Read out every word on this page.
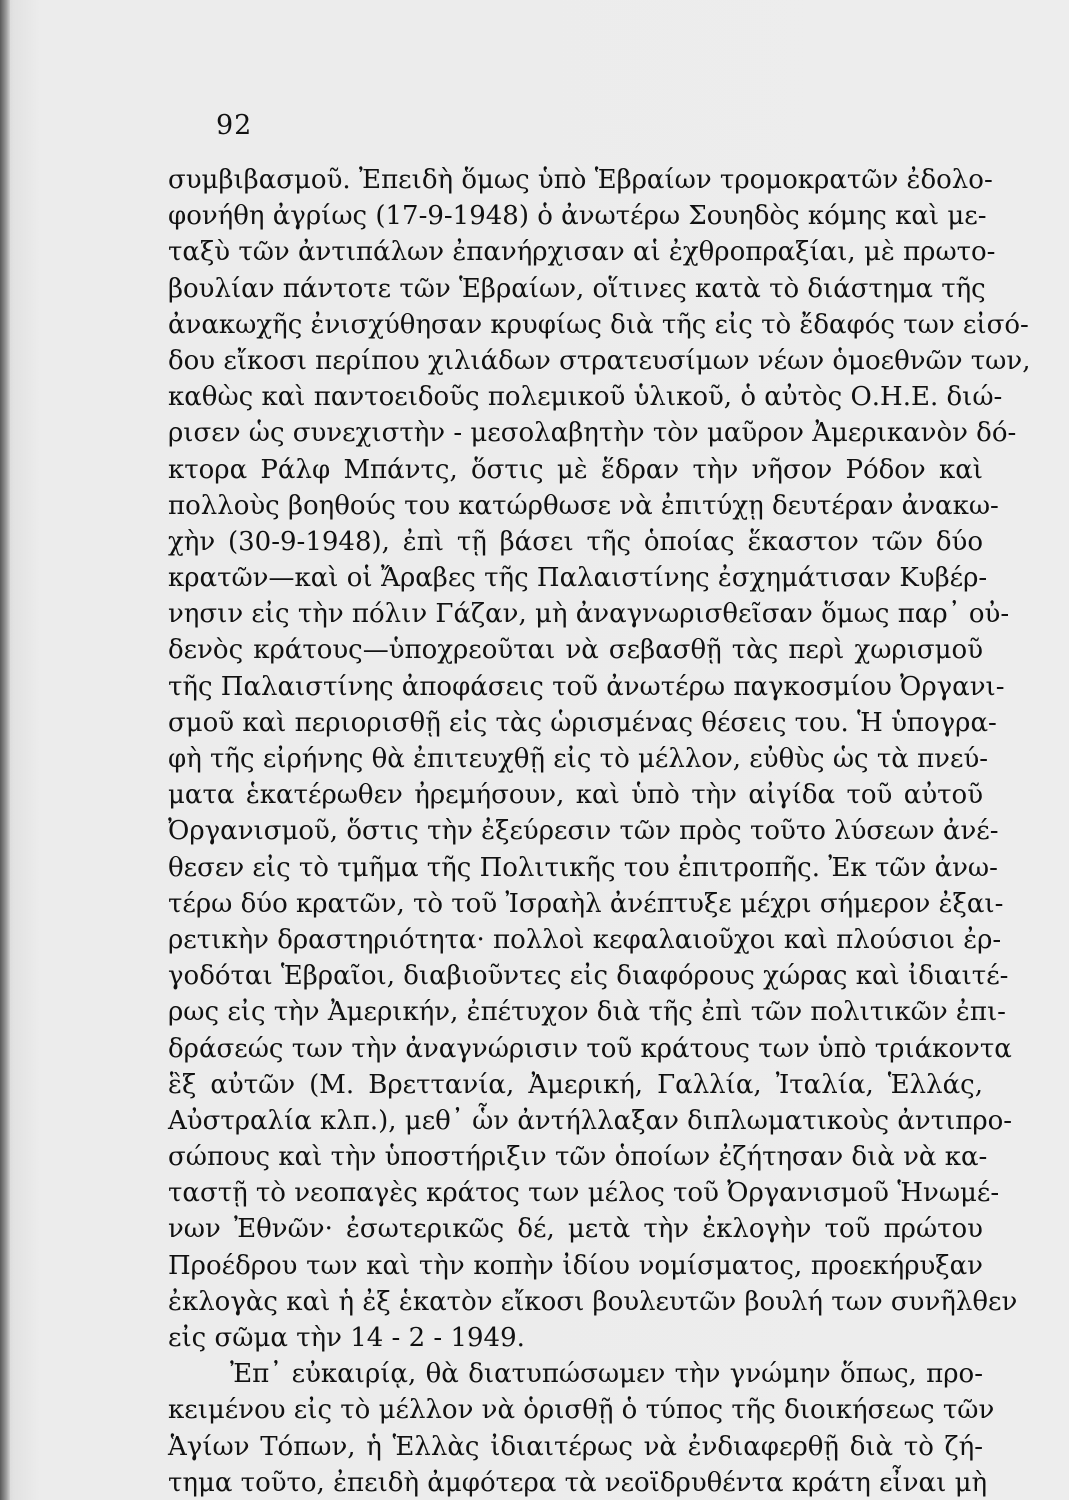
92
συμβιβασμοῦ. Ἐπειδὴ ὅμως ὑπὸ Ἑβραίων τρομοκρατῶν ἐδολο-
φονήθη ἀγρίως (17-9-1948) ὁ ἀνωτέρω Σουηδὸς κόμης καὶ με-
ταξὺ τῶν ἀντιπάλων ἐπανήρχισαν αἱ ἐχθροπραξίαι, μὲ πρωτο-
βουλίαν πάντοτε τῶν Ἑβραίων, οἵτινες κατὰ τὸ διάστημα τῆς
ἀνακωχῆς ἐνισχύθησαν κρυφίως διὰ τῆς εἰς τὸ ἔδαφός των εἰσό-
δου εἴκοσι περίπου χιλιάδων στρατευσίμων νέων ὁμοεθνῶν των,
καθὼς καὶ παντοειδοῦς πολεμικοῦ ὑλικοῦ, ὁ αὐτὸς Ο.Η.Ε. διώ-
ρισεν ὡς συνεχιστὴν - μεσολαβητὴν τὸν μαῦρον Ἀμερικανὸν δό-
κτορα Ράλφ Μπάντς, ὅστις μὲ ἕδραν τὴν νῆσον Ρόδον καὶ
πολλοὺς βοηθούς του κατώρθωσε νὰ ἐπιτύχῃ δευτέραν ἀνακω-
χὴν (30-9-1948), ἐπὶ τῇ βάσει τῆς ὁποίας ἕκαστον τῶν δύο
κρατῶν—καὶ οἱ Ἄραβες τῆς Παλαιστίνης ἐσχημάτισαν Κυβέρ-
νησιν εἰς τὴν πόλιν Γάζαν, μὴ ἀναγνωρισθεῖσαν ὅμως παρ᾽ οὐ-
δενὸς κράτους—ὑποχρεοῦται νὰ σεβασθῇ τὰς περὶ χωρισμοῦ
τῆς Παλαιστίνης ἀποφάσεις τοῦ ἀνωτέρω παγκοσμίου Ὀργανι-
σμοῦ καὶ περιορισθῇ εἰς τὰς ὡρισμένας θέσεις του. Ἡ ὑπογρα-
φὴ τῆς εἰρήνης θὰ ἐπιτευχθῇ εἰς τὸ μέλλον, εὐθὺς ὡς τὰ πνεύ-
ματα ἑκατέρωθεν ἠρεμήσουν, καὶ ὑπὸ τὴν αἰγίδα τοῦ αὐτοῦ
Ὀργανισμοῦ, ὅστις τὴν ἐξεύρεσιν τῶν πρὸς τοῦτο λύσεων ἀνέ-
θεσεν εἰς τὸ τμῆμα τῆς Πολιτικῆς του ἐπιτροπῆς. Ἐκ τῶν ἀνω-
τέρω δύο κρατῶν, τὸ τοῦ Ἰσραὴλ ἀνέπτυξε μέχρι σήμερον ἐξαι-
ρετικὴν δραστηριότητα· πολλοὶ κεφαλαιοῦχοι καὶ πλούσιοι ἐρ-
γοδόται Ἑβραῖοι, διαβιοῦντες εἰς διαφόρους χώρας καὶ ἰδιαιτέ-
ρως εἰς τὴν Ἀμερικήν, ἐπέτυχον διὰ τῆς ἐπὶ τῶν πολιτικῶν ἐπι-
δράσεώς των τὴν ἀναγνώρισιν τοῦ κράτους των ὑπὸ τριάκοντα
ἓξ αὐτῶν (Μ. Βρεττανία, Ἀμερική, Γαλλία, Ἰταλία, Ἑλλάς,
Αὐστραλία κλπ.), μεθ᾽ ὧν ἀντήλλαξαν διπλωματικοὺς ἀντιπρο-
σώπους καὶ τὴν ὑποστήριξιν τῶν ὁποίων ἐζήτησαν διὰ νὰ κα-
ταστῇ τὸ νεοπαγὲς κράτος των μέλος τοῦ Ὀργανισμοῦ Ἡνωμέ-
νων Ἐθνῶν· ἐσωτερικῶς δέ, μετὰ τὴν ἐκλογὴν τοῦ πρώτου
Προέδρου των καὶ τὴν κοπὴν ἰδίου νομίσματος, προεκήρυξαν
ἐκλογὰς καὶ ἡ ἐξ ἑκατὸν εἴκοσι βουλευτῶν βουλή των συνῆλθεν
εἰς σῶμα τὴν 14 - 2 - 1949.
Ἐπ᾽ εὐκαιρίᾳ, θὰ διατυπώσωμεν τὴν γνώμην ὅπως, προ-
κειμένου εἰς τὸ μέλλον νὰ ὁρισθῇ ὁ τύπος τῆς διοικήσεως τῶν
Ἁγίων Τόπων, ἡ Ἑλλὰς ἰδιαιτέρως νὰ ἐνδιαφερθῇ διὰ τὸ ζή-
τημα τοῦτο, ἐπειδὴ ἀμφότερα τὰ νεοϊδρυθέντα κράτη εἶναι μὴ
